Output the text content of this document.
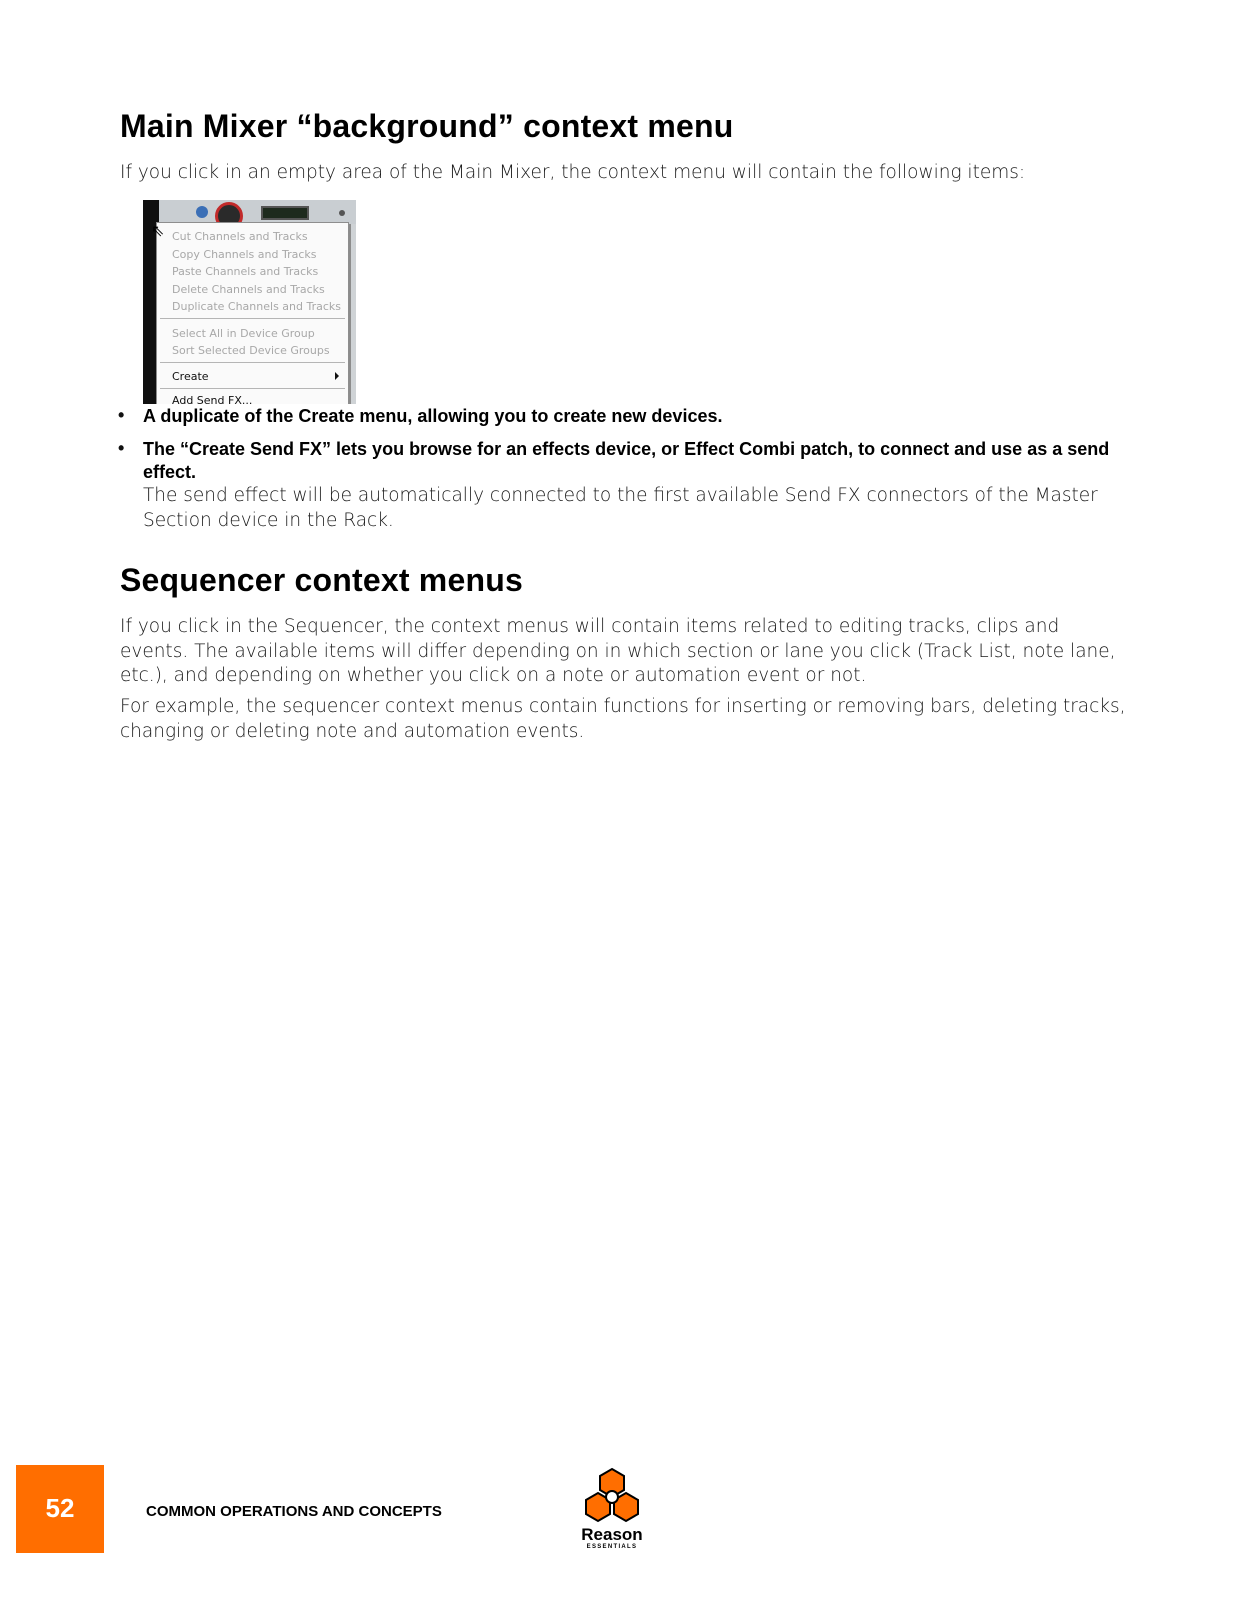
Main Mixer “background” context menu

If you click in an empty area of the Main Mixer, the context menu will contain the following items:

Cut Channels and Tracks
Copy Channels and Tracks
Paste Channels and Tracks
Delete Channels and Tracks
Duplicate Channels and Tracks
Select All in Device Group
Sort Selected Device Groups
Create
Add Send FX...
⇖
• A duplicate of the Create menu, allowing you to create new devices.
• The “Create Send FX” lets you browse for an effects device, or Effect Combi patch, to connect and use as a send effect.
The send effect will be automatically connected to the first available Send FX connectors of the Master Section device in the Rack.
Sequencer context menus

If you click in the Sequencer, the context menus will contain items related to editing tracks, clips and events. The available items will differ depending on in which section or lane you click (Track List, note lane, etc.), and depending on whether you click on a note or automation event or not.

For example, the sequencer context menus contain functions for inserting or removing bars, deleting tracks, changing or deleting note and automation events.

52	COMMON OPERATIONS AND CONCEPTS
Reason
ESSENTIALS
